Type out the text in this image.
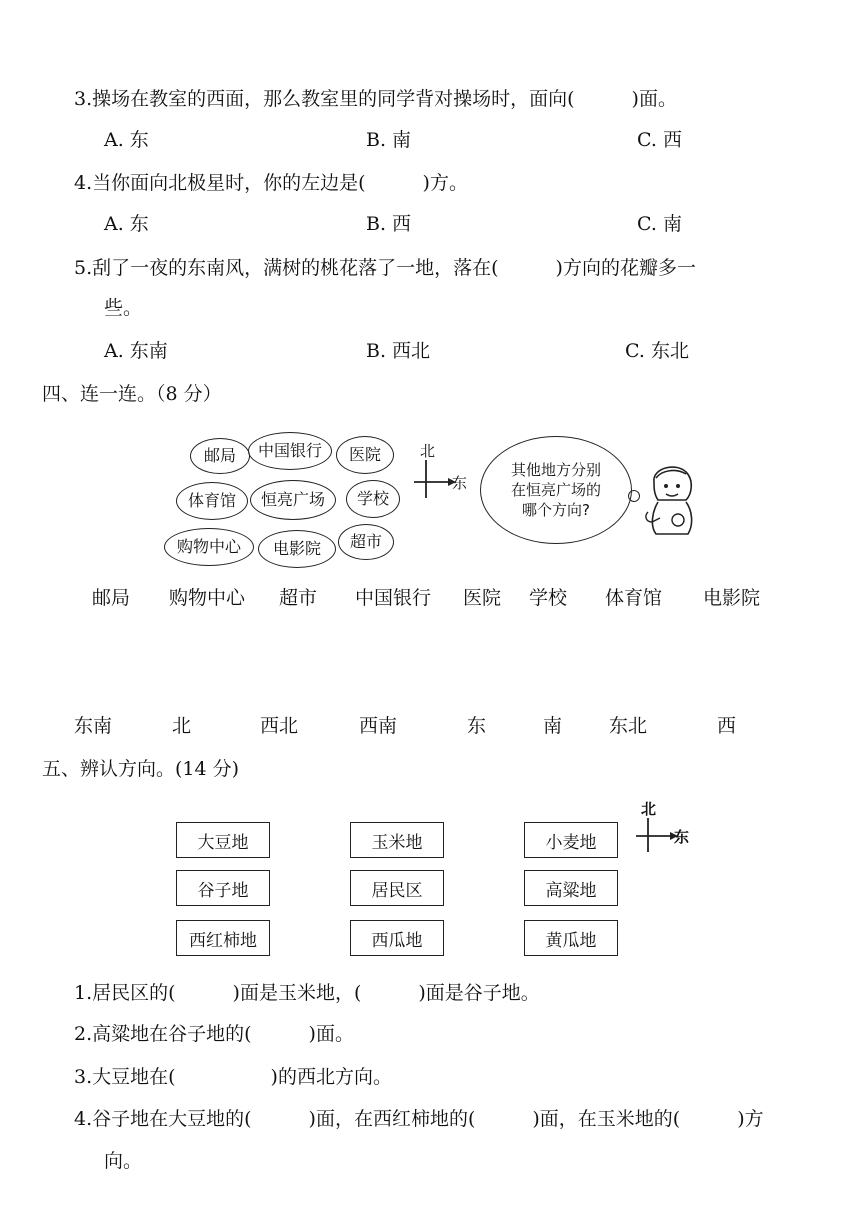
3.操场在教室的西面，那么教室里的同学背对操场时，面向(　　　)面。
A. 东	B. 南	C. 西
4.当你面向北极星时，你的左边是(　　　)方。
A. 东	B. 西	C. 南
5.刮了一夜的东南风，满树的桃花落了一地，落在(　　　)方向的花瓣多一
些。
A. 东南	B. 西北	C. 东北
四、连一连。（8 分）
邮局	中国银行	医院
体育馆	恒亮广场	学校
购物中心	电影院	超市
北
东
其他地方分别
在恒亮广场的
哪个方向?
邮局 购物中心 超市 中国银行 医院 学校 体育馆 电影院
东南	北	西北	西南	东	南 东北	西
五、辨认方向。(14 分)
大豆地	玉米地	小麦地
谷子地	居民区	高粱地
西红柿地	西瓜地	黄瓜地
北
东
1.居民区的(　　　)面是玉米地，(　　　)面是谷子地。
2.高粱地在谷子地的(　　　)面。
3.大豆地在(　　　　　)的西北方向。
4.谷子地在大豆地的(　　　)面，在西红柿地的(　　　)面，在玉米地的(　　　)方
向。
